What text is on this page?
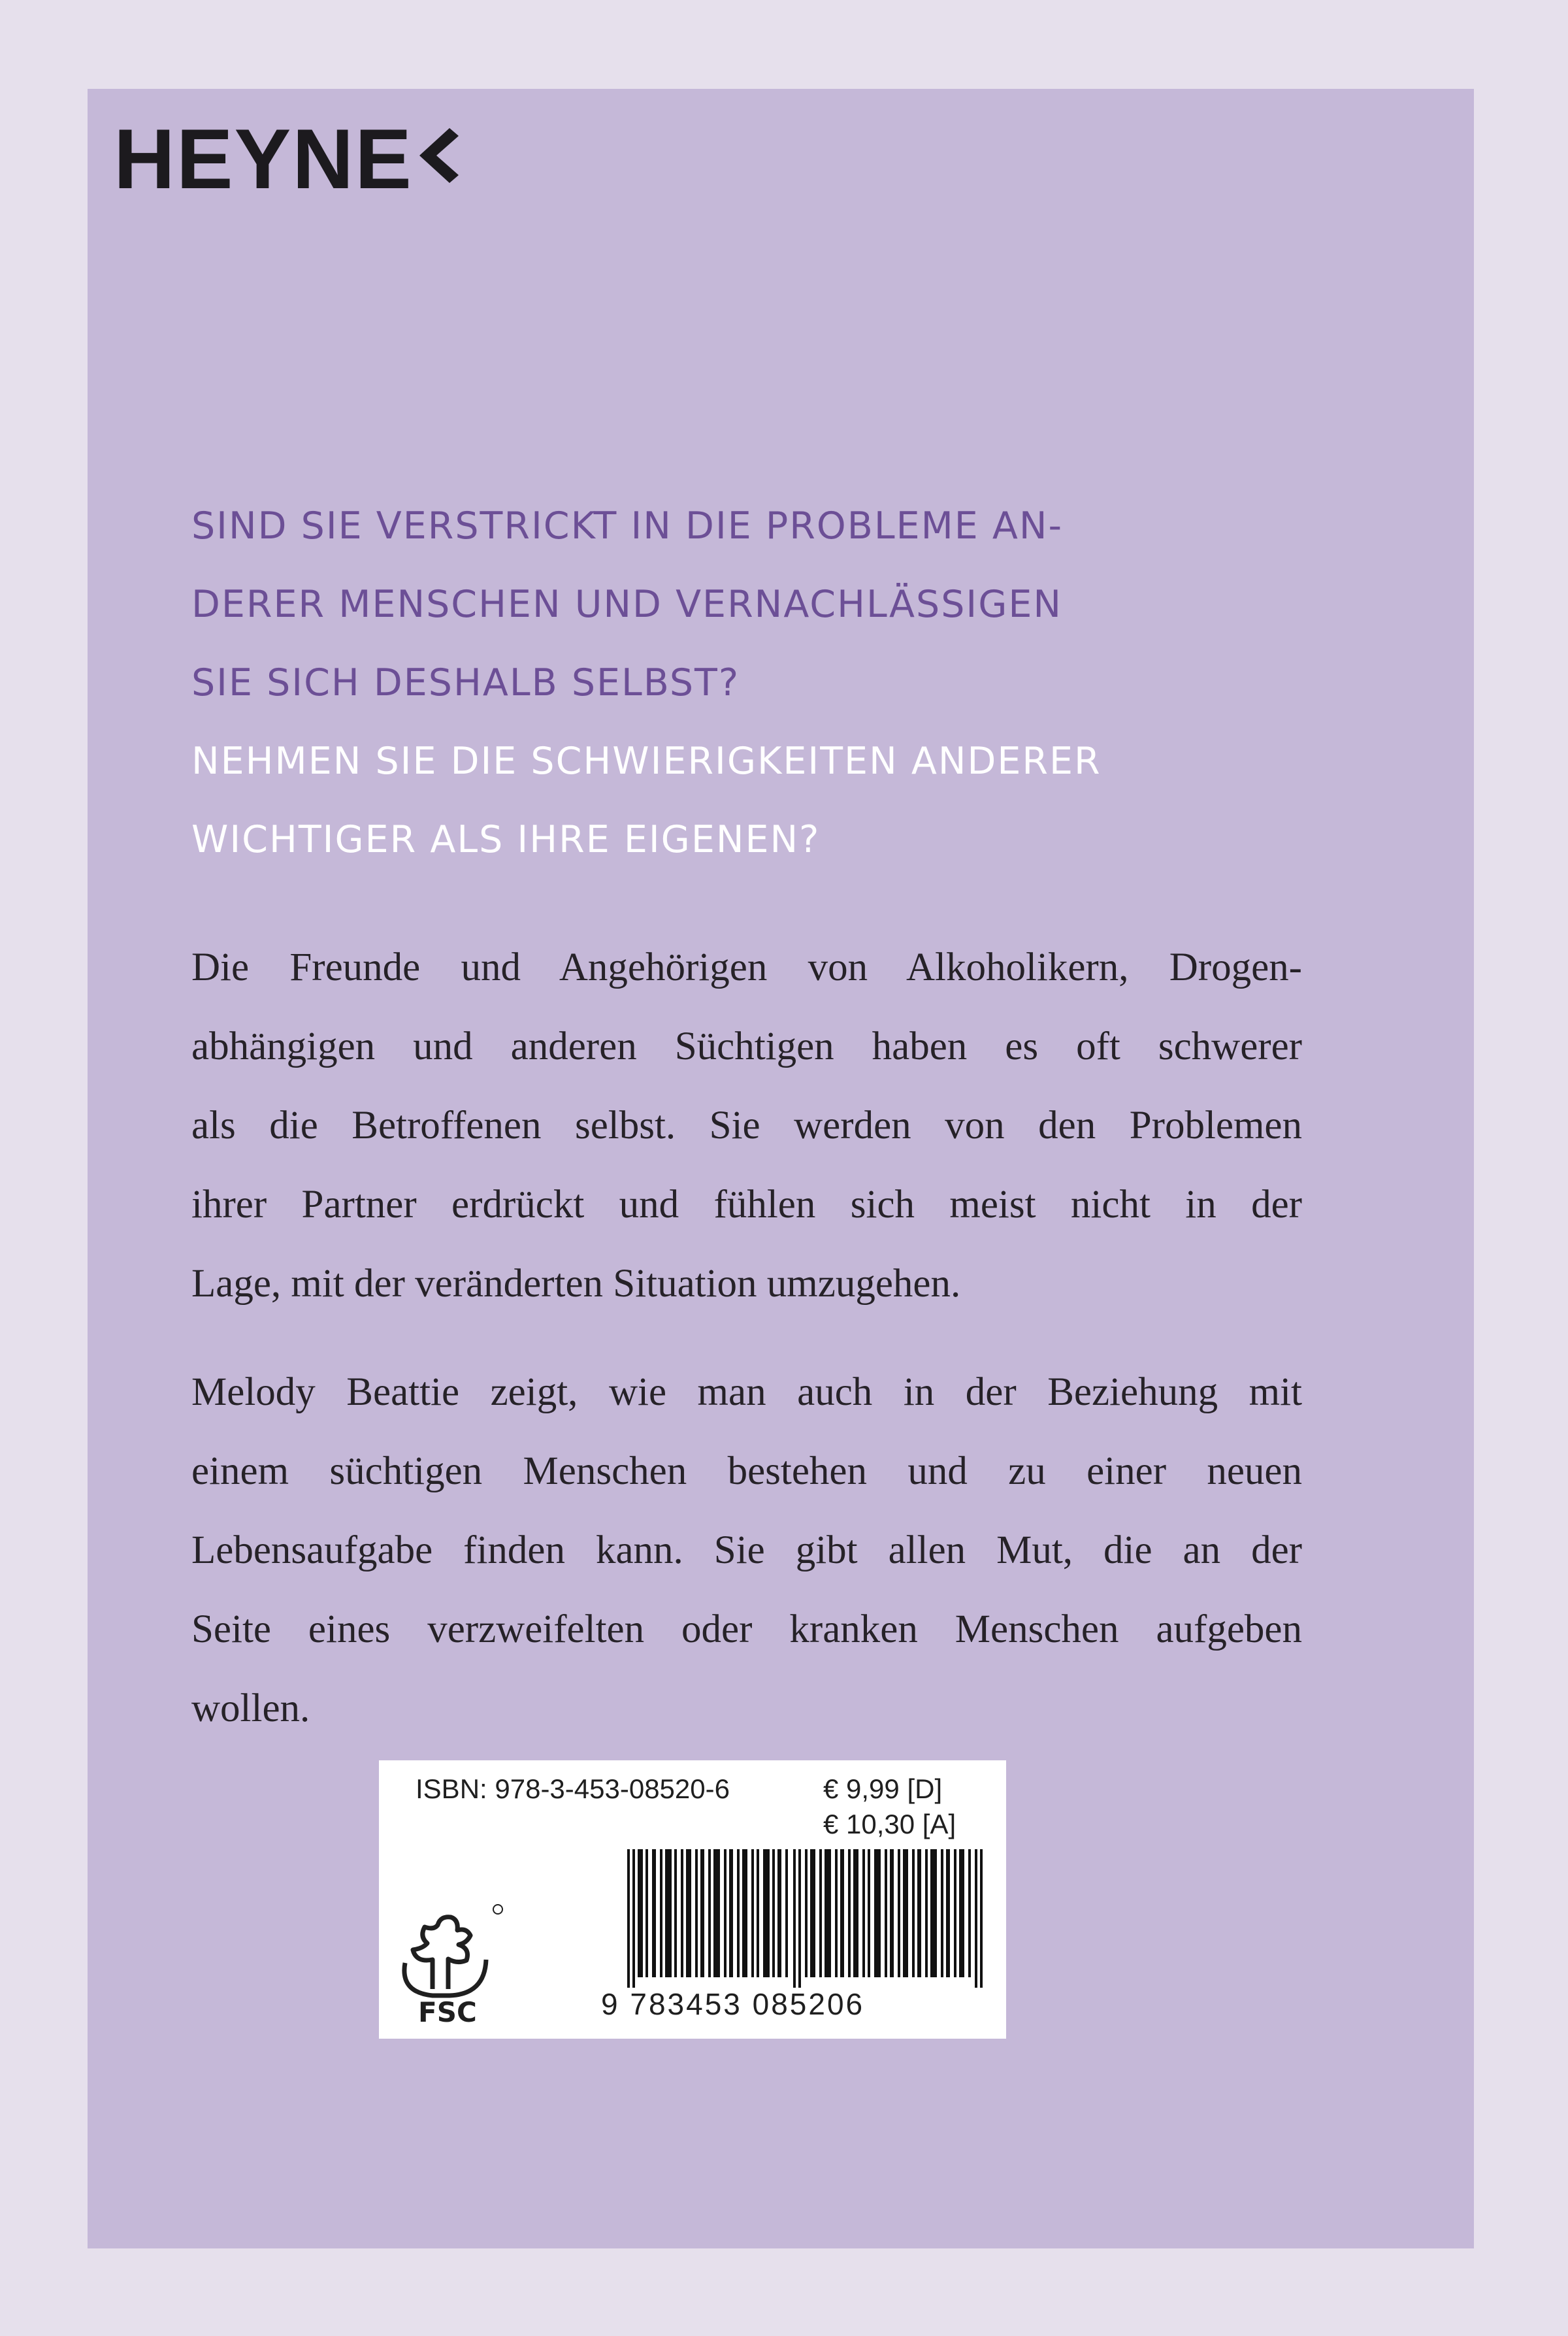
HEYNE
SIND SIE VERSTRICKT IN DIE PROBLEME AN-
DERER MENSCHEN UND VERNACHLÄSSIGEN
SIE SICH DESHALB SELBST?
NEHMEN SIE DIE SCHWIERIGKEITEN ANDERER
WICHTIGER ALS IHRE EIGENEN?
Die Freunde und Angehörigen von Alkoholikern, Drogen-
abhängigen und anderen Süchtigen haben es oft schwerer
als die Betroffenen selbst. Sie werden von den Problemen
ihrer Partner erdrückt und fühlen sich meist nicht in der
Lage, mit der veränderten Situation umzugehen.
Melody Beattie zeigt, wie man auch in der Beziehung mit
einem süchtigen Menschen bestehen und zu einer neuen
Lebensaufgabe finden kann. Sie gibt allen Mut, die an der
Seite eines verzweifelten oder kranken Menschen aufgeben
wollen.
ISBN: 978-3-453-08520-6	€ 9,99 [D]
€ 10,30 [A]
FSC	9 783453 085206
